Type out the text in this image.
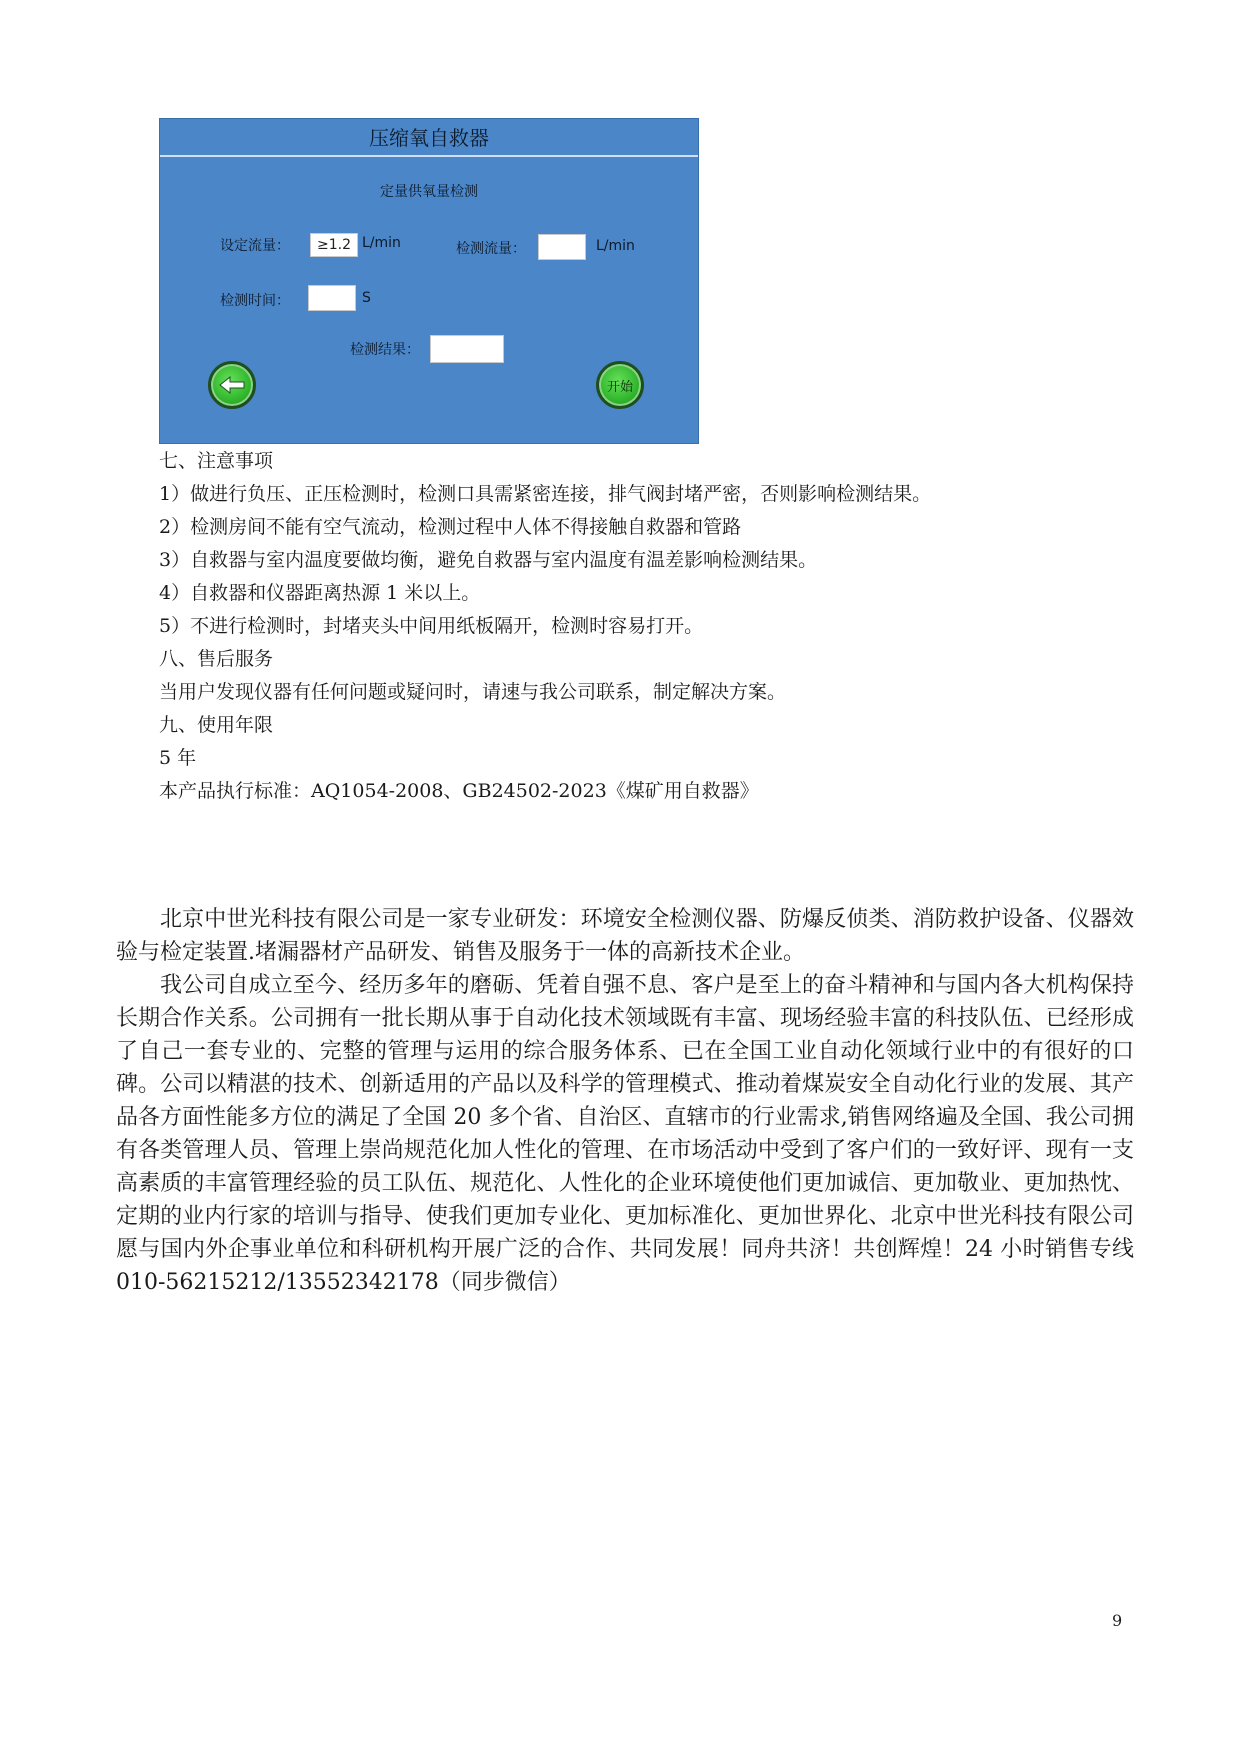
压缩氧自救器
定量供氧量检测
设定流量：	≥1.2 L/min	检测流量：	L/min
检测时间：	S
检测结果：
开始
七、注意事项
1）做进行负压、正压检测时，检测口具需紧密连接，排气阀封堵严密，否则影响检测结果。
2）检测房间不能有空气流动，检测过程中人体不得接触自救器和管路
3）自救器与室内温度要做均衡，避免自救器与室内温度有温差影响检测结果。
4）自救器和仪器距离热源 1 米以上。
5）不进行检测时，封堵夹头中间用纸板隔开，检测时容易打开。
八、售后服务
当用户发现仪器有任何问题或疑问时，请速与我公司联系，制定解决方案。
九、使用年限
5 年
本产品执行标准：AQ1054-2008、GB24502-2023《煤矿用自救器》

北京中世光科技有限公司是一家专业研发：环境安全检测仪器、防爆反侦类、消防救护设备、仪器效验与检定装置.堵漏器材产品研发、销售及服务于一体的高新技术企业。

我公司自成立至今、经历多年的磨砺、凭着自强不息、客户是至上的奋斗精神和与国内各大机构保持长期合作关系。公司拥有一批长期从事于自动化技术领域既有丰富、现场经验丰富的科技队伍、已经形成了自己一套专业的、完整的管理与运用的综合服务体系、已在全国工业自动化领域行业中的有很好的口碑。公司以精湛的技术、创新适用的产品以及科学的管理模式、推动着煤炭安全自动化行业的发展、其产品各方面性能多方位的满足了全国 20 多个省、自治区、直辖市的行业需求,销售网络遍及全国、我公司拥有各类管理人员、管理上崇尚规范化加人性化的管理、在市场活动中受到了客户们的一致好评、现有一支高素质的丰富管理经验的员工队伍、规范化、人性化的企业环境使他们更加诚信、更加敬业、更加热忱、定期的业内行家的培训与指导、使我们更加专业化、更加标准化、更加世界化、北京中世光科技有限公司愿与国内外企事业单位和科研机构开展广泛的合作、共同发展！同舟共济！共创辉煌！24 小时销售专线 010-56215212/13552342178（同步微信）

9
